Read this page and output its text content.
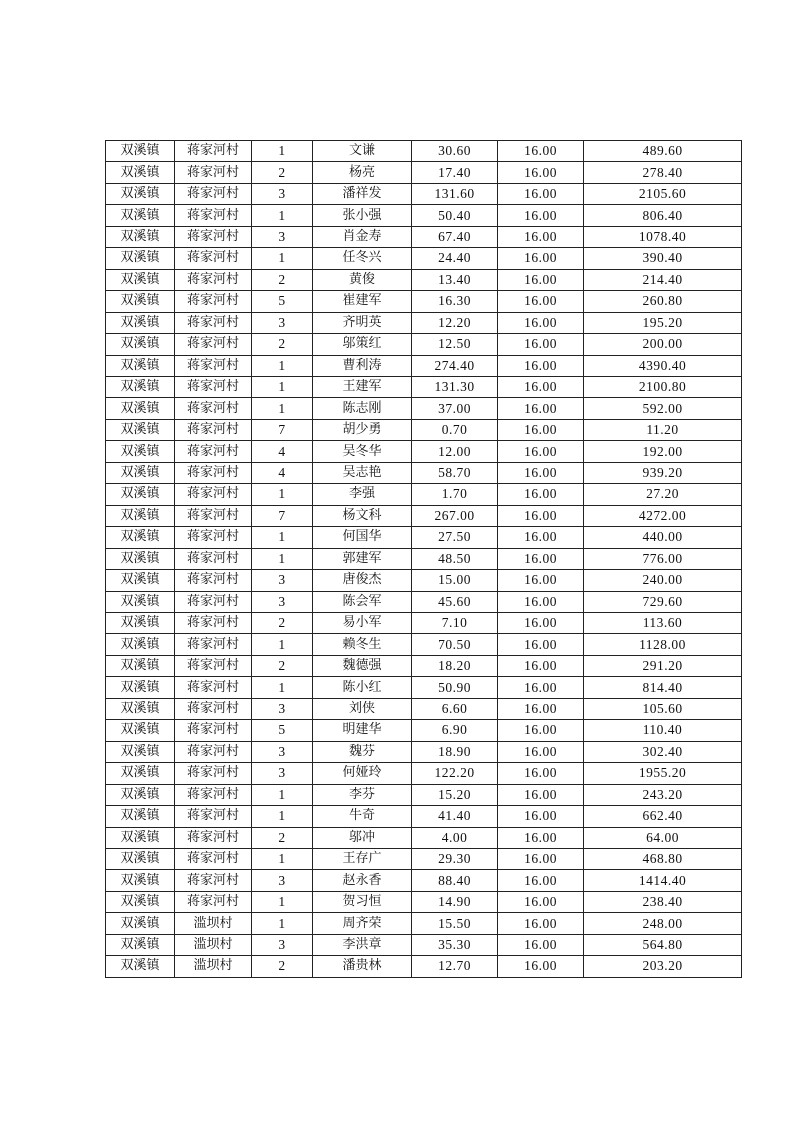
双溪镇	蒋家河村	1	文谦	30.60	16.00	489.60
双溪镇	蒋家河村	2	杨亮	17.40	16.00	278.40
双溪镇	蒋家河村	3	潘祥发	131.60	16.00	2105.60
双溪镇	蒋家河村	1	张小强	50.40	16.00	806.40
双溪镇	蒋家河村	3	肖金寿	67.40	16.00	1078.40
双溪镇	蒋家河村	1	任冬兴	24.40	16.00	390.40
双溪镇	蒋家河村	2	黄俊	13.40	16.00	214.40
双溪镇	蒋家河村	5	崔建军	16.30	16.00	260.80
双溪镇	蒋家河村	3	齐明英	12.20	16.00	195.20
双溪镇	蒋家河村	2	邬策红	12.50	16.00	200.00
双溪镇	蒋家河村	1	曹利涛	274.40	16.00	4390.40
双溪镇	蒋家河村	1	王建军	131.30	16.00	2100.80
双溪镇	蒋家河村	1	陈志刚	37.00	16.00	592.00
双溪镇	蒋家河村	7	胡少勇	0.70	16.00	11.20
双溪镇	蒋家河村	4	吴冬华	12.00	16.00	192.00
双溪镇	蒋家河村	4	吴志艳	58.70	16.00	939.20
双溪镇	蒋家河村	1	李强	1.70	16.00	27.20
双溪镇	蒋家河村	7	杨文科	267.00	16.00	4272.00
双溪镇	蒋家河村	1	何国华	27.50	16.00	440.00
双溪镇	蒋家河村	1	郭建军	48.50	16.00	776.00
双溪镇	蒋家河村	3	唐俊杰	15.00	16.00	240.00
双溪镇	蒋家河村	3	陈会军	45.60	16.00	729.60
双溪镇	蒋家河村	2	易小军	7.10	16.00	113.60
双溪镇	蒋家河村	1	赖冬生	70.50	16.00	1128.00
双溪镇	蒋家河村	2	魏德强	18.20	16.00	291.20
双溪镇	蒋家河村	1	陈小红	50.90	16.00	814.40
双溪镇	蒋家河村	3	刘侠	6.60	16.00	105.60
双溪镇	蒋家河村	5	明建华	6.90	16.00	110.40
双溪镇	蒋家河村	3	魏芬	18.90	16.00	302.40
双溪镇	蒋家河村	3	何娅玲	122.20	16.00	1955.20
双溪镇	蒋家河村	1	李芬	15.20	16.00	243.20
双溪镇	蒋家河村	1	牛奇	41.40	16.00	662.40
双溪镇	蒋家河村	2	邬冲	4.00	16.00	64.00
双溪镇	蒋家河村	1	王存广	29.30	16.00	468.80
双溪镇	蒋家河村	3	赵永香	88.40	16.00	1414.40
双溪镇	蒋家河村	1	贺习恒	14.90	16.00	238.40
双溪镇	滥坝村	1	周齐荣	15.50	16.00	248.00
双溪镇	滥坝村	3	李洪章	35.30	16.00	564.80
双溪镇	滥坝村	2	潘贵林	12.70	16.00	203.20
